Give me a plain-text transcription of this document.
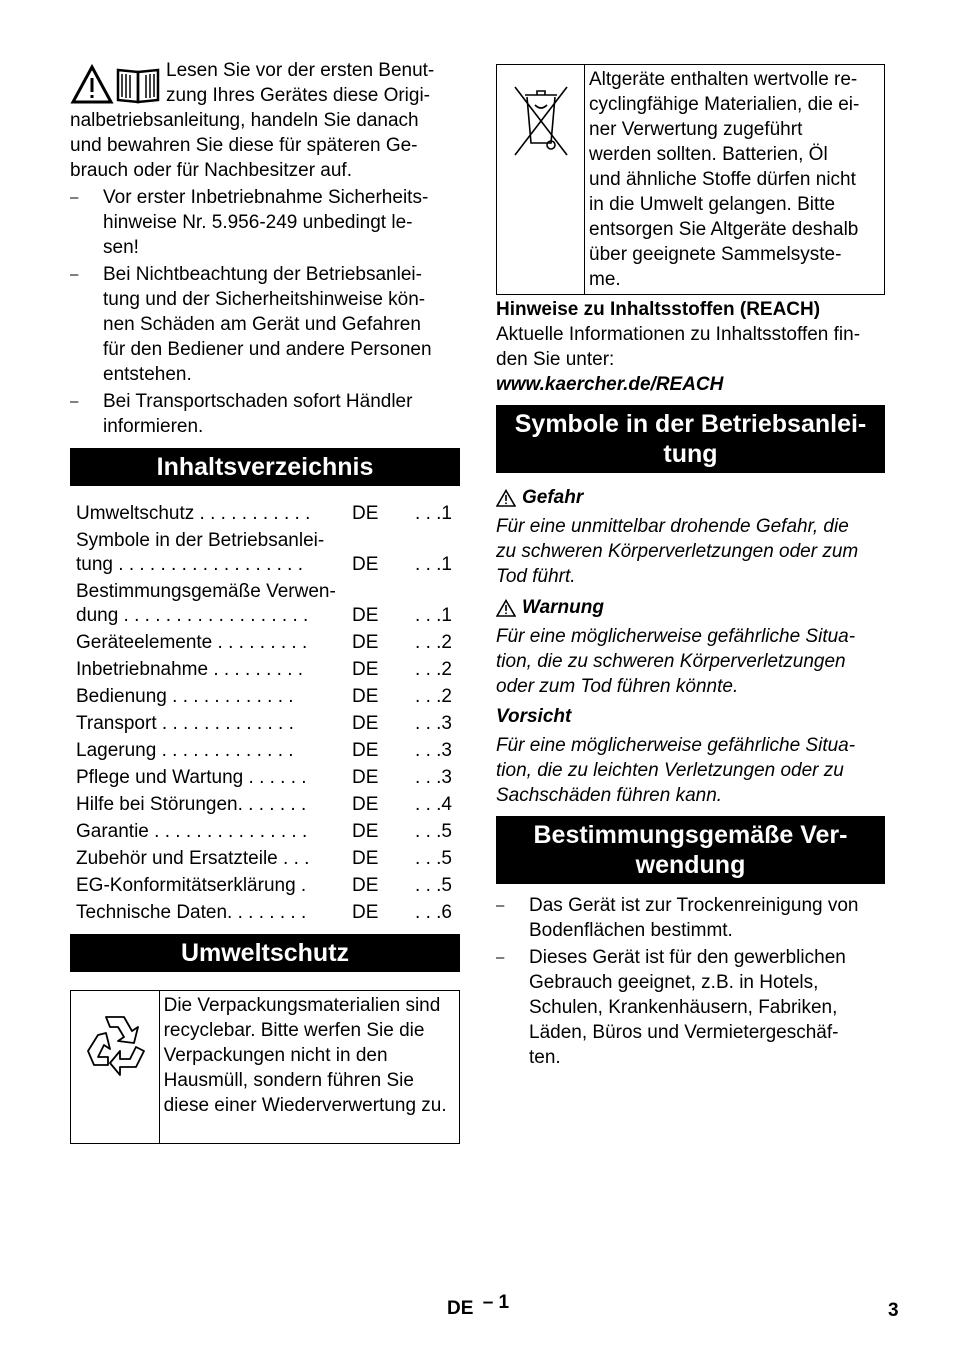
Lesen Sie vor der ersten Benut-
zung Ihres Gerätes diese Origi-
nalbetriebsanleitung, handeln Sie danach
und bewahren Sie diese für späteren Ge-
brauch oder für Nachbesitzer auf.

– Vor erster Inbetriebnahme Sicherheits-
hinweise Nr. 5.956-249 unbedingt le-
sen!
– Bei Nichtbeachtung der Betriebsanlei-
tung und der Sicherheitshinweise kön-
nen Schäden am Gerät und Gefahren
für den Bediener und andere Personen
entstehen.
– Bei Transportschaden sofort Händler
informieren.
Inhaltsverzeichnis
Umweltschutz . . . . . . . . . . .	DE	. . .1
Symbole in der Betriebsanlei-
tung . . . . . . . . . . . . . . . . . .	DE	. . .1
Bestimmungsgemäße Verwen-
dung . . . . . . . . . . . . . . . . . .	DE	. . .1
Geräteelemente . . . . . . . . .	DE	. . .2
Inbetriebnahme . . . . . . . . .	DE	. . .2
Bedienung . . . . . . . . . . . .	DE	. . .2
Transport . . . . . . . . . . . . .	DE	. . .3
Lagerung . . . . . . . . . . . . .	DE	. . .3
Pflege und Wartung . . . . . .	DE	. . .3
Hilfe bei Störungen. . . . . . .	DE	. . .4
Garantie . . . . . . . . . . . . . . .	DE	. . .5
Zubehör und Ersatzteile . . .	DE	. . .5
EG-Konformitätserklärung .	DE	. . .5
Technische Daten. . . . . . . .	DE	. . .6
Umweltschutz
Die Verpackungsmaterialien sind recyclebar. Bitte werfen Sie die Verpackungen nicht in den Hausmüll, sondern führen Sie diese einer Wiederverwertung zu.
Altgeräte enthalten wertvolle re-
cyclingfähige Materialien, die ei-
ner Verwertung zugeführt
werden sollten. Batterien, Öl
und ähnliche Stoffe dürfen nicht
in die Umwelt gelangen. Bitte
entsorgen Sie Altgeräte deshalb
über geeignete Sammelsyste-
me.

Hinweise zu Inhaltsstoffen (REACH)

Aktuelle Informationen zu Inhaltsstoffen fin-
den Sie unter:

www.kaercher.de/REACH

Symbole in der Betriebsanlei-
tung
Gefahr

Für eine unmittelbar drohende Gefahr, die
zu schweren Körperverletzungen oder zum
Tod führt.

Warnung

Für eine möglicherweise gefährliche Situa-
tion, die zu schweren Körperverletzungen
oder zum Tod führen könnte.

Vorsicht

Für eine möglicherweise gefährliche Situa-
tion, die zu leichten Verletzungen oder zu
Sachschäden führen kann.

Bestimmungsgemäße Ver-
wendung
– Das Gerät ist zur Trockenreinigung von
Bodenflächen bestimmt.
– Dieses Gerät ist für den gewerblichen
Gebrauch geeignet, z.B. in Hotels,
Schulen, Krankenhäusern, Fabriken,
Läden, Büros und Vermietergeschäf-
ten.
DE – 1	3
